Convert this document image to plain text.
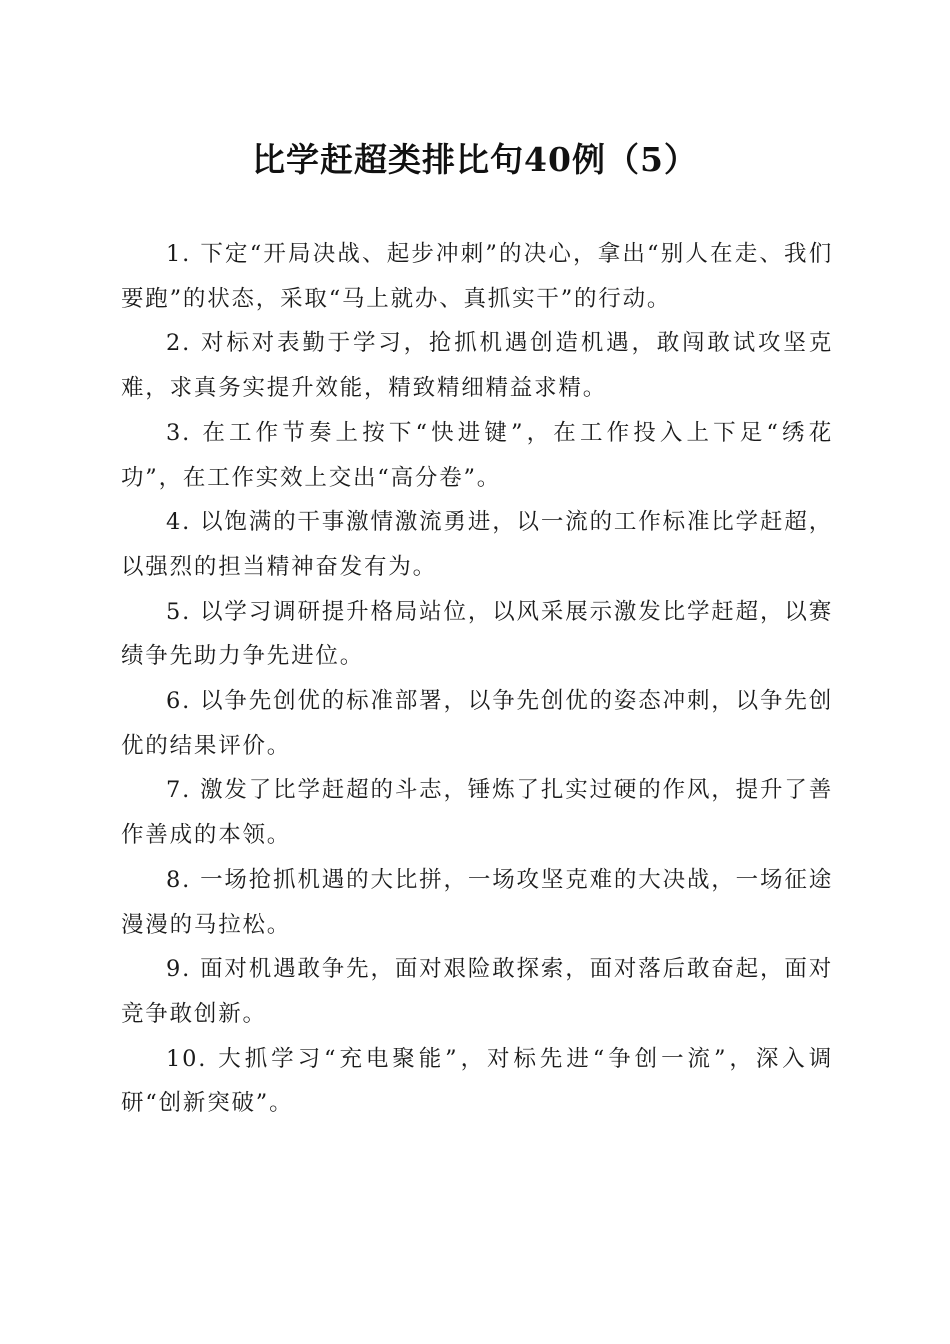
比学赶超类排比句40例（5）

1. 下定“开局决战、起步冲刺”的决心，拿出“别人在走、我们要跑”的状态，采取“马上就办、真抓实干”的行动。

2. 对标对表勤于学习，抢抓机遇创造机遇，敢闯敢试攻坚克难，求真务实提升效能，精致精细精益求精。

3. 在工作节奏上按下“快进键”，在工作投入上下足“绣花功”，在工作实效上交出“高分卷”。

4. 以饱满的干事激情激流勇进，以一流的工作标准比学赶超，以强烈的担当精神奋发有为。

5. 以学习调研提升格局站位，以风采展示激发比学赶超，以赛绩争先助力争先进位。

6. 以争先创优的标准部署，以争先创优的姿态冲刺，以争先创优的结果评价。

7. 激发了比学赶超的斗志，锤炼了扎实过硬的作风，提升了善作善成的本领。

8. 一场抢抓机遇的大比拼，一场攻坚克难的大决战，一场征途漫漫的马拉松。

9. 面对机遇敢争先，面对艰险敢探索，面对落后敢奋起，面对竞争敢创新。

10. 大抓学习“充电聚能”，对标先进“争创一流”，深入调研“创新突破”。
